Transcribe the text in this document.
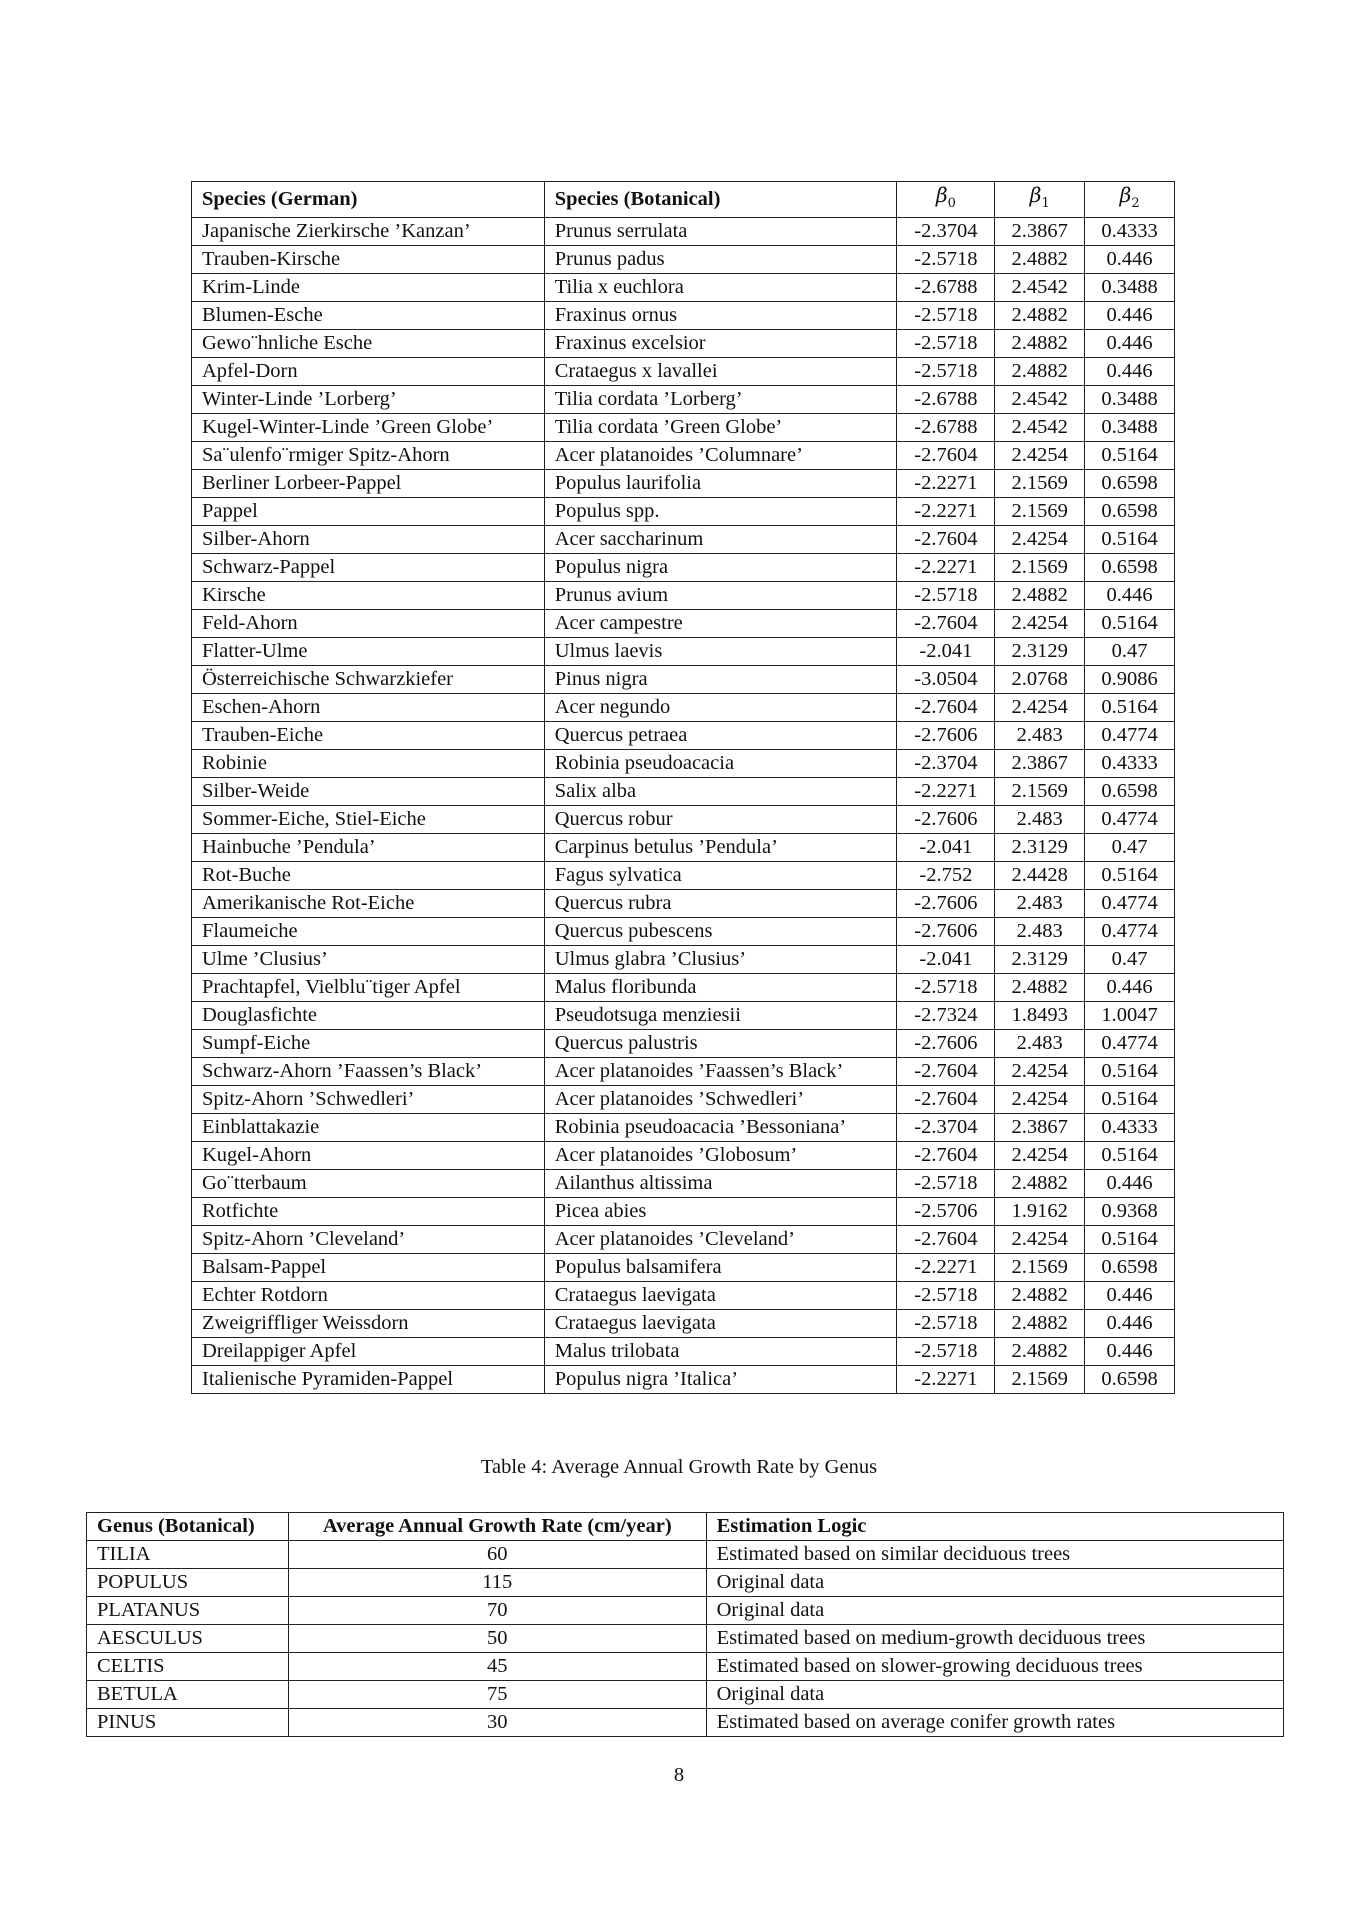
Species (German)	Species (Botanical)	$\beta_0$	$\beta_1$	$\beta_2$
Japanische Zierkirsche ’Kanzan’	Prunus serrulata	-2.3704	2.3867	0.4333
Trauben-Kirsche	Prunus padus	-2.5718	2.4882	0.446
Krim-Linde	Tilia x euchlora	-2.6788	2.4542	0.3488
Blumen-Esche	Fraxinus ornus	-2.5718	2.4882	0.446
Gewo¨hnliche Esche	Fraxinus excelsior	-2.5718	2.4882	0.446
Apfel-Dorn	Crataegus x lavallei	-2.5718	2.4882	0.446
Winter-Linde ’Lorberg’	Tilia cordata ’Lorberg’	-2.6788	2.4542	0.3488
Kugel-Winter-Linde ’Green Globe’	Tilia cordata ’Green Globe’	-2.6788	2.4542	0.3488
Sa¨ulenfo¨rmiger Spitz-Ahorn	Acer platanoides ’Columnare’	-2.7604	2.4254	0.5164
Berliner Lorbeer-Pappel	Populus laurifolia	-2.2271	2.1569	0.6598
Pappel	Populus spp.	-2.2271	2.1569	0.6598
Silber-Ahorn	Acer saccharinum	-2.7604	2.4254	0.5164
Schwarz-Pappel	Populus nigra	-2.2271	2.1569	0.6598
Kirsche	Prunus avium	-2.5718	2.4882	0.446
Feld-Ahorn	Acer campestre	-2.7604	2.4254	0.5164
Flatter-Ulme	Ulmus laevis	-2.041	2.3129	0.47
Österreichische Schwarzkiefer	Pinus nigra	-3.0504	2.0768	0.9086
Eschen-Ahorn	Acer negundo	-2.7604	2.4254	0.5164
Trauben-Eiche	Quercus petraea	-2.7606	2.483	0.4774
Robinie	Robinia pseudoacacia	-2.3704	2.3867	0.4333
Silber-Weide	Salix alba	-2.2271	2.1569	0.6598
Sommer-Eiche, Stiel-Eiche	Quercus robur	-2.7606	2.483	0.4774
Hainbuche ’Pendula’	Carpinus betulus ’Pendula’	-2.041	2.3129	0.47
Rot-Buche	Fagus sylvatica	-2.752	2.4428	0.5164
Amerikanische Rot-Eiche	Quercus rubra	-2.7606	2.483	0.4774
Flaumeiche	Quercus pubescens	-2.7606	2.483	0.4774
Ulme ’Clusius’	Ulmus glabra ’Clusius’	-2.041	2.3129	0.47
Prachtapfel, Vielblu¨tiger Apfel	Malus floribunda	-2.5718	2.4882	0.446
Douglasfichte	Pseudotsuga menziesii	-2.7324	1.8493	1.0047
Sumpf-Eiche	Quercus palustris	-2.7606	2.483	0.4774
Schwarz-Ahorn ’Faassen’s Black’	Acer platanoides ’Faassen’s Black’	-2.7604	2.4254	0.5164
Spitz-Ahorn ’Schwedleri’	Acer platanoides ’Schwedleri’	-2.7604	2.4254	0.5164
Einblattakazie	Robinia pseudoacacia ’Bessoniana’	-2.3704	2.3867	0.4333
Kugel-Ahorn	Acer platanoides ’Globosum’	-2.7604	2.4254	0.5164
Go¨tterbaum	Ailanthus altissima	-2.5718	2.4882	0.446
Rotfichte	Picea abies	-2.5706	1.9162	0.9368
Spitz-Ahorn ’Cleveland’	Acer platanoides ’Cleveland’	-2.7604	2.4254	0.5164
Balsam-Pappel	Populus balsamifera	-2.2271	2.1569	0.6598
Echter Rotdorn	Crataegus laevigata	-2.5718	2.4882	0.446
Zweigriffliger Weissdorn	Crataegus laevigata	-2.5718	2.4882	0.446
Dreilappiger Apfel	Malus trilobata	-2.5718	2.4882	0.446
Italienische Pyramiden-Pappel	Populus nigra ’Italica’	-2.2271	2.1569	0.6598
Table 4: Average Annual Growth Rate by Genus
Genus (Botanical)	Average Annual Growth Rate (cm/year)	Estimation Logic
TILIA	60	Estimated based on similar deciduous trees
POPULUS	115	Original data
PLATANUS	70	Original data
AESCULUS	50	Estimated based on medium-growth deciduous trees
CELTIS	45	Estimated based on slower-growing deciduous trees
BETULA	75	Original data
PINUS	30	Estimated based on average conifer growth rates
8
